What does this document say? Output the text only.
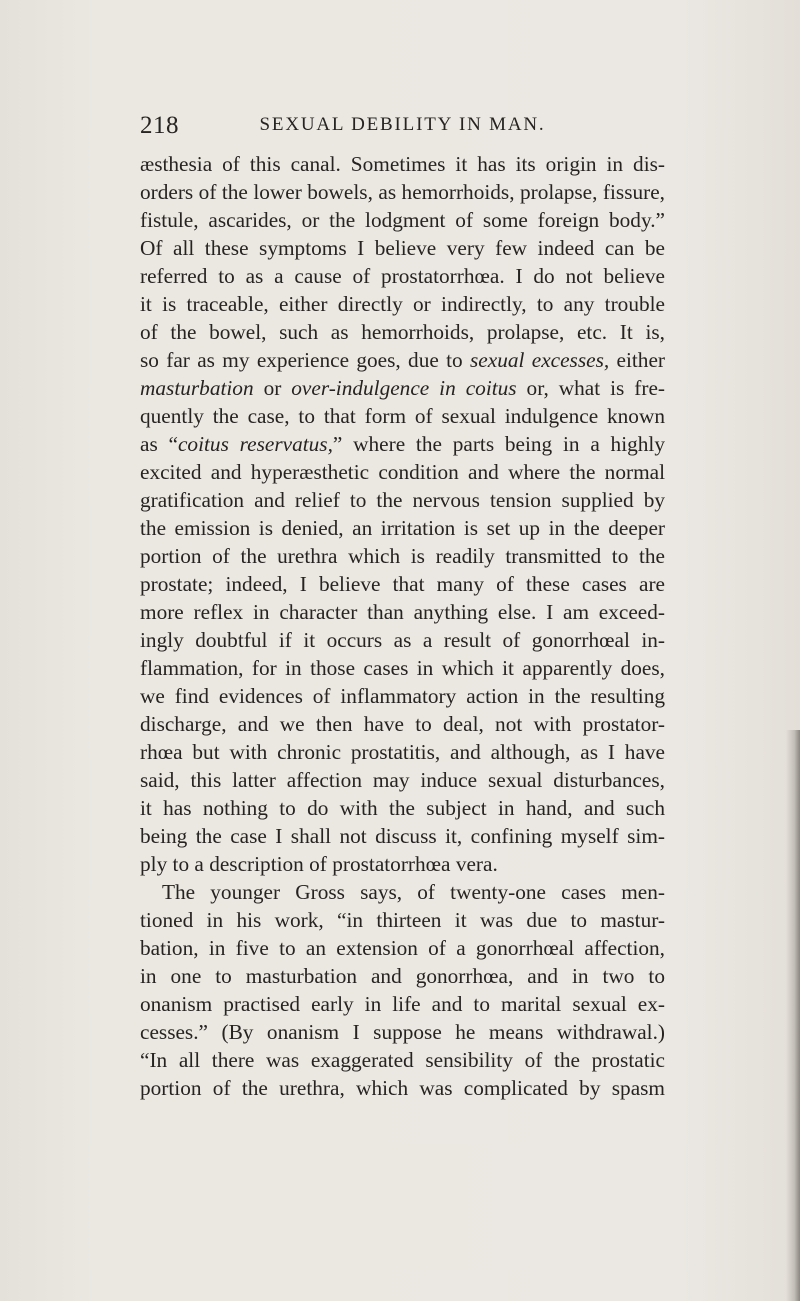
218	SEXUAL DEBILITY IN MAN.
æsthesia of this canal. Sometimes it has its origin in dis-
orders of the lower bowels, as hemorrhoids, prolapse, fissure,
fistule, ascarides, or the lodgment of some foreign body.”
Of all these symptoms I believe very few indeed can be
referred to as a cause of prostatorrhœa. I do not believe
it is traceable, either directly or indirectly, to any trouble
of the bowel, such as hemorrhoids, prolapse, etc. It is,
so far as my experience goes, due to sexual excesses, either
masturbation or over-indulgence in coitus or, what is fre-
quently the case, to that form of sexual indulgence known
as “coitus reservatus,” where the parts being in a highly
excited and hyperæsthetic condition and where the normal
gratification and relief to the nervous tension supplied by
the emission is denied, an irritation is set up in the deeper
portion of the urethra which is readily transmitted to the
prostate; indeed, I believe that many of these cases are
more reflex in character than anything else. I am exceed-
ingly doubtful if it occurs as a result of gonorrhœal in-
flammation, for in those cases in which it apparently does,
we find evidences of inflammatory action in the resulting
discharge, and we then have to deal, not with prostator-
rhœa but with chronic prostatitis, and although, as I have
said, this latter affection may induce sexual disturbances,
it has nothing to do with the subject in hand, and such
being the case I shall not discuss it, confining myself sim-
ply to a description of prostatorrhœa vera.
The younger Gross says, of twenty-one cases men-
tioned in his work, “in thirteen it was due to mastur-
bation, in five to an extension of a gonorrhœal affection,
in one to masturbation and gonorrhœa, and in two to
onanism practised early in life and to marital sexual ex-
cesses.” (By onanism I suppose he means withdrawal.)
“In all there was exaggerated sensibility of the prostatic
portion of the urethra, which was complicated by spasm
